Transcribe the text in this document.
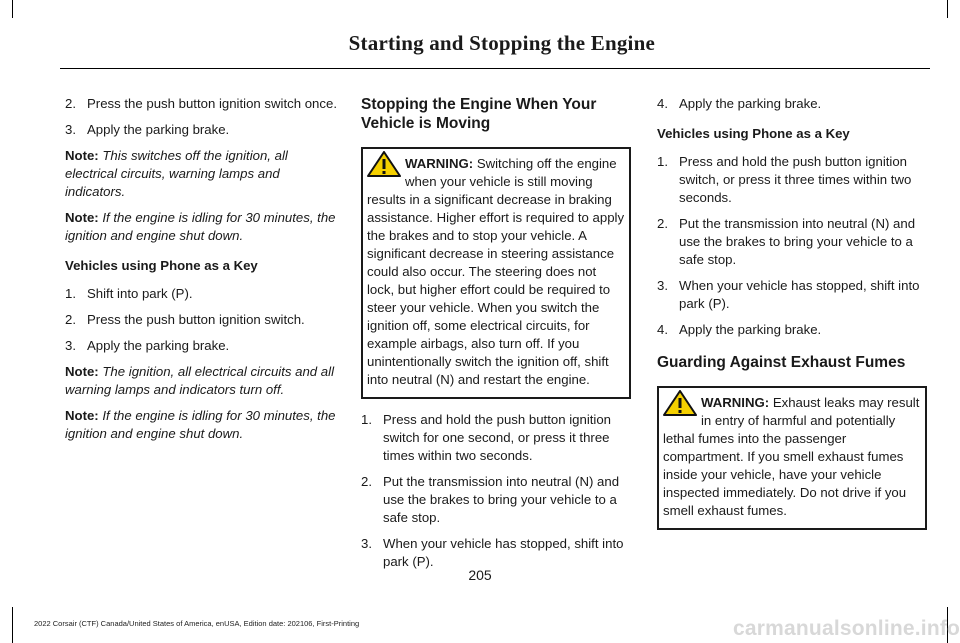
Starting and Stopping the Engine
2. Press the push button ignition switch once.
3. Apply the parking brake.

Note: This switches off the ignition, all electrical circuits, warning lamps and indicators.

Note: If the engine is idling for 30 minutes, the ignition and engine shut down.

Vehicles using Phone as a Key
1. Shift into park (P).
2. Press the push button ignition switch.
3. Apply the parking brake.

Note: The ignition, all electrical circuits and all warning lamps and indicators turn off.

Note: If the engine is idling for 30 minutes, the ignition and engine shut down.

Stopping the Engine When Your Vehicle is Moving
WARNING: Switching off the engine when your vehicle is still moving results in a significant decrease in braking assistance. Higher effort is required to apply the brakes and to stop your vehicle. A significant decrease in steering assistance could also occur. The steering does not lock, but higher effort could be required to steer your vehicle. When you switch the ignition off, some electrical circuits, for example airbags, also turn off. If you unintentionally switch the ignition off, shift into neutral (N) and restart the engine.
1. Press and hold the push button ignition switch for one second, or press it three times within two seconds.
2. Put the transmission into neutral (N) and use the brakes to bring your vehicle to a safe stop.
3. When your vehicle has stopped, shift into park (P).
4. Apply the parking brake.
Vehicles using Phone as a Key
1. Press and hold the push button ignition switch, or press it three times within two seconds.
2. Put the transmission into neutral (N) and use the brakes to bring your vehicle to a safe stop.
3. When your vehicle has stopped, shift into park (P).
4. Apply the parking brake.
Guarding Against Exhaust Fumes
WARNING: Exhaust leaks may result in entry of harmful and potentially lethal fumes into the passenger compartment. If you smell exhaust fumes inside your vehicle, have your vehicle inspected immediately. Do not drive if you smell exhaust fumes.
205
2022 Corsair (CTF) Canada/United States of America, enUSA, Edition date: 202106, First-Printing	carmanualsonline.info
